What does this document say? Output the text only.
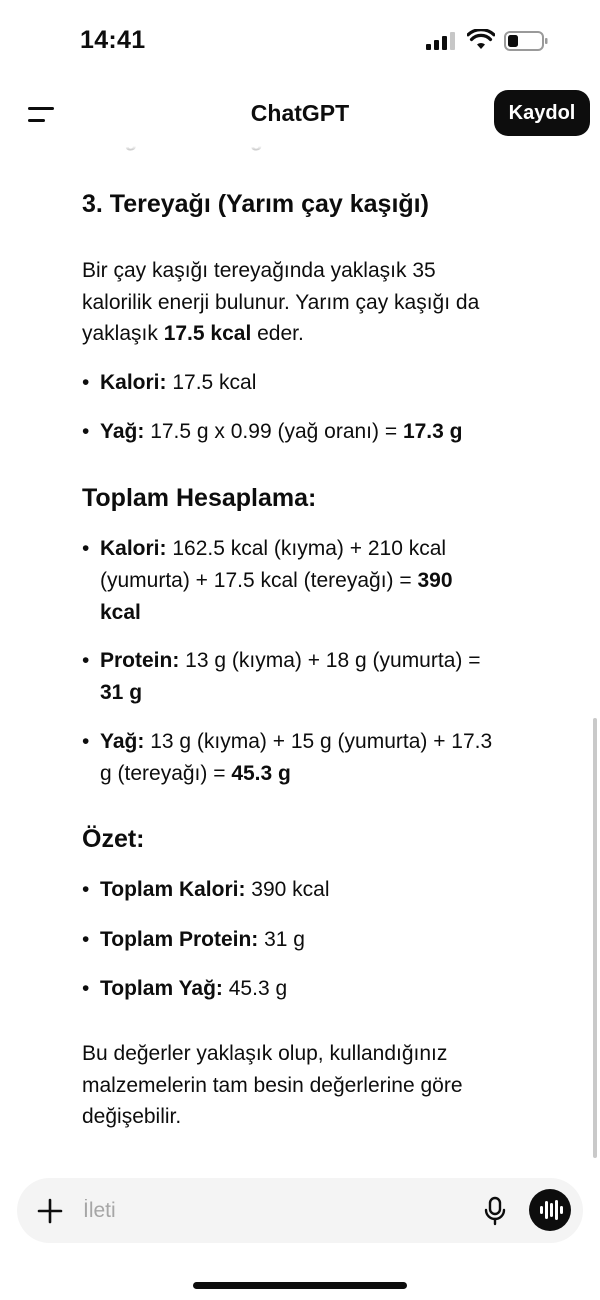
14:41
ChatGPT	Kaydol
3. Tereyağı (Yarım çay kaşığı)

Bir çay kaşığı tereyağında yaklaşık 35
kalorilik enerji bulunur. Yarım çay kaşığı da
yaklaşık 17.5 kcal eder.

• Kalori: 17.5 kcal
• Yağ: 17.5 g x 0.99 (yağ oranı) = 17.3 g
Toplam Hesaplama:
• Kalori: 162.5 kcal (kıyma) + 210 kcal
(yumurta) + 17.5 kcal (tereyağı) = 390
kcal
• Protein: 13 g (kıyma) + 18 g (yumurta) =
31 g
• Yağ: 13 g (kıyma) + 15 g (yumurta) + 17.3
g (tereyağı) = 45.3 g
Özet:
• Toplam Kalori: 390 kcal
• Toplam Protein: 31 g
• Toplam Yağ: 45.3 g

Bu değerler yaklaşık olup, kullandığınız
malzemelerin tam besin değerlerine göre
değişebilir.

İleti
